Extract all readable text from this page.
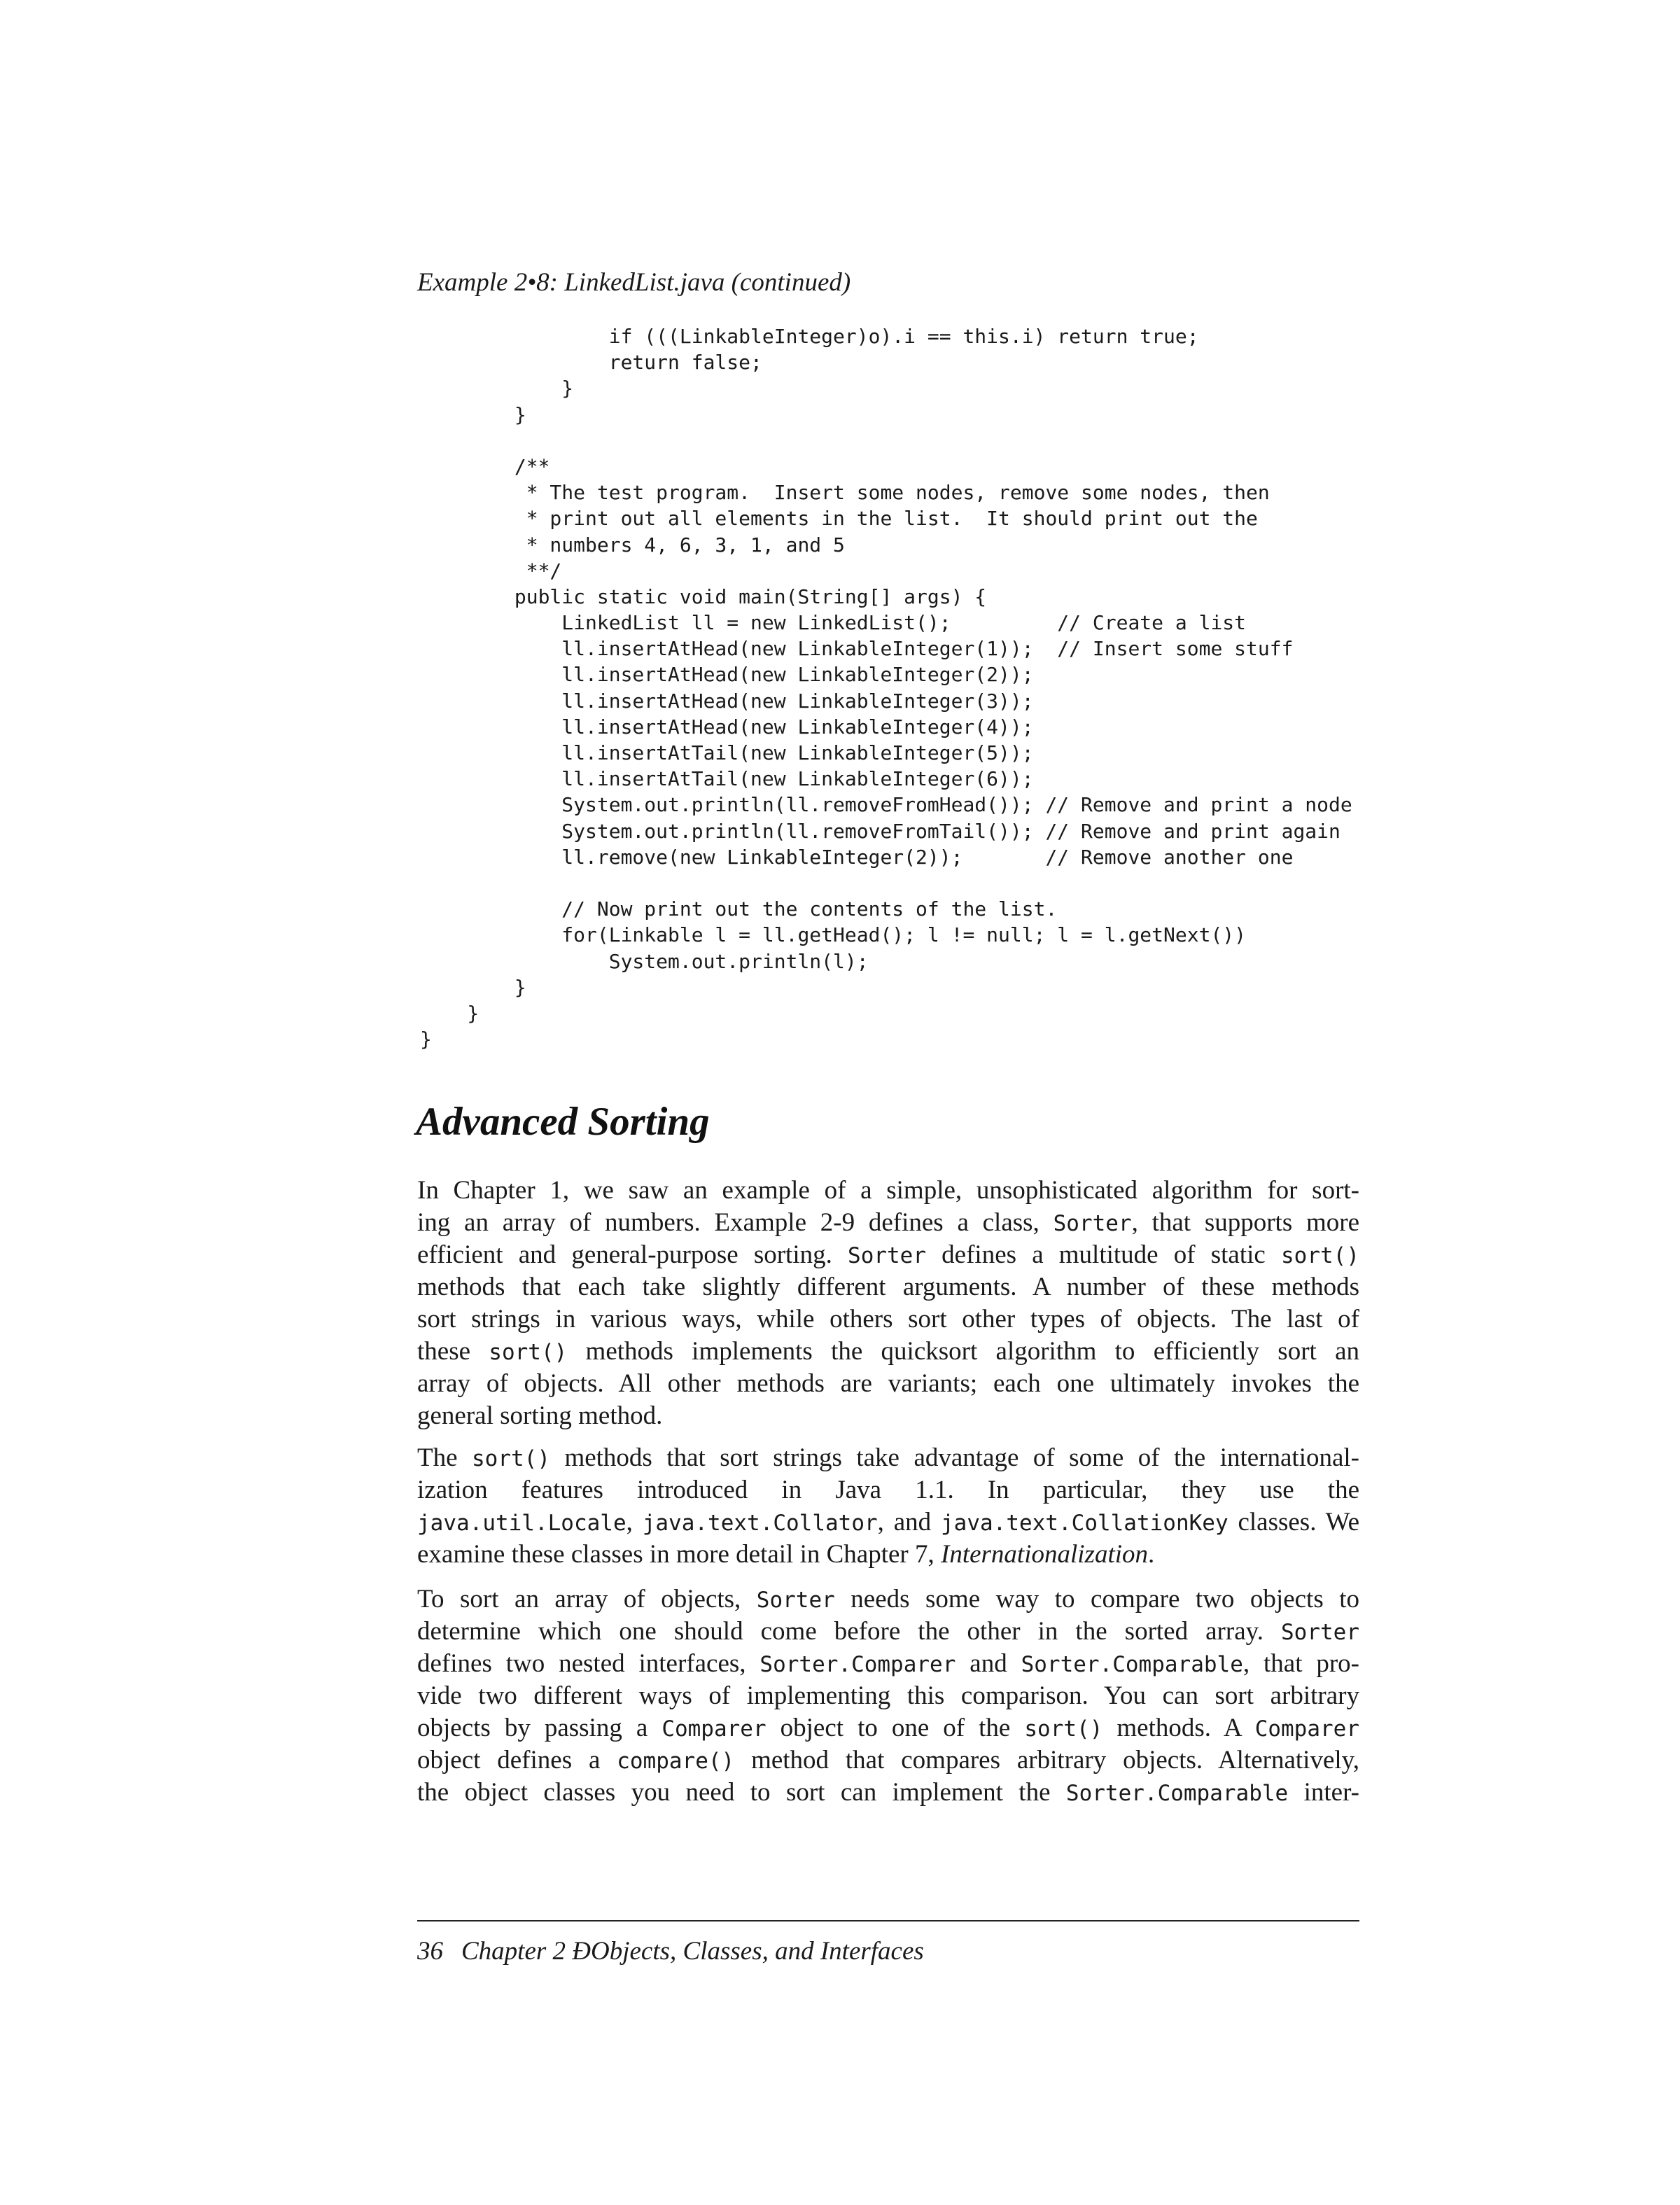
Example 2•8: LinkedList.java (continued)
if (((LinkableInteger)o).i == this.i) return true;
return false;
}
}
/**
* The test program.  Insert some nodes, remove some nodes, then
* print out all elements in the list.  It should print out the
* numbers 4, 6, 3, 1, and 5
**/
public static void main(String[] args) {
LinkedList ll = new LinkedList();         // Create a list
ll.insertAtHead(new LinkableInteger(1));  // Insert some stuff
ll.insertAtHead(new LinkableInteger(2));
ll.insertAtHead(new LinkableInteger(3));
ll.insertAtHead(new LinkableInteger(4));
ll.insertAtTail(new LinkableInteger(5));
ll.insertAtTail(new LinkableInteger(6));
System.out.println(ll.removeFromHead()); // Remove and print a node
System.out.println(ll.removeFromTail()); // Remove and print again
ll.remove(new LinkableInteger(2));       // Remove another one
// Now print out the contents of the list.
for(Linkable l = ll.getHead(); l != null; l = l.getNext())
System.out.println(l);
}
}
}
Advanced Sorting
In Chapter 1, we saw an example of a simple, unsophisticated algorithm for sort-
ing an array of numbers. Example 2-9 defines a class, Sorter, that supports more
efficient and general-purpose sorting. Sorter defines a multitude of static sort()
methods that each take slightly different arguments. A number of these methods
sort strings in various ways, while others sort other types of objects. The last of
these sort() methods implements the quicksort algorithm to efficiently sort an
array of objects. All other methods are variants; each one ultimately invokes the
general sorting method.
The sort() methods that sort strings take advantage of some of the international-
ization features introduced in Java 1.1. In particular, they use the
java.util.Locale, java.text.Collator, and java.text.CollationKey classes. We
examine these classes in more detail in Chapter 7, Internationalization.
To sort an array of objects, Sorter needs some way to compare two objects to
determine which one should come before the other in the sorted array. Sorter
defines two nested interfaces, Sorter.Comparer and Sorter.Comparable, that pro-
vide two different ways of implementing this comparison. You can sort arbitrary
objects by passing a Comparer object to one of the sort() methods. A Comparer
object defines a compare() method that compares arbitrary objects. Alternatively,
the object classes you need to sort can implement the Sorter.Comparable inter-
36 Chapter 2 ĐObjects, Classes, and Interfaces
